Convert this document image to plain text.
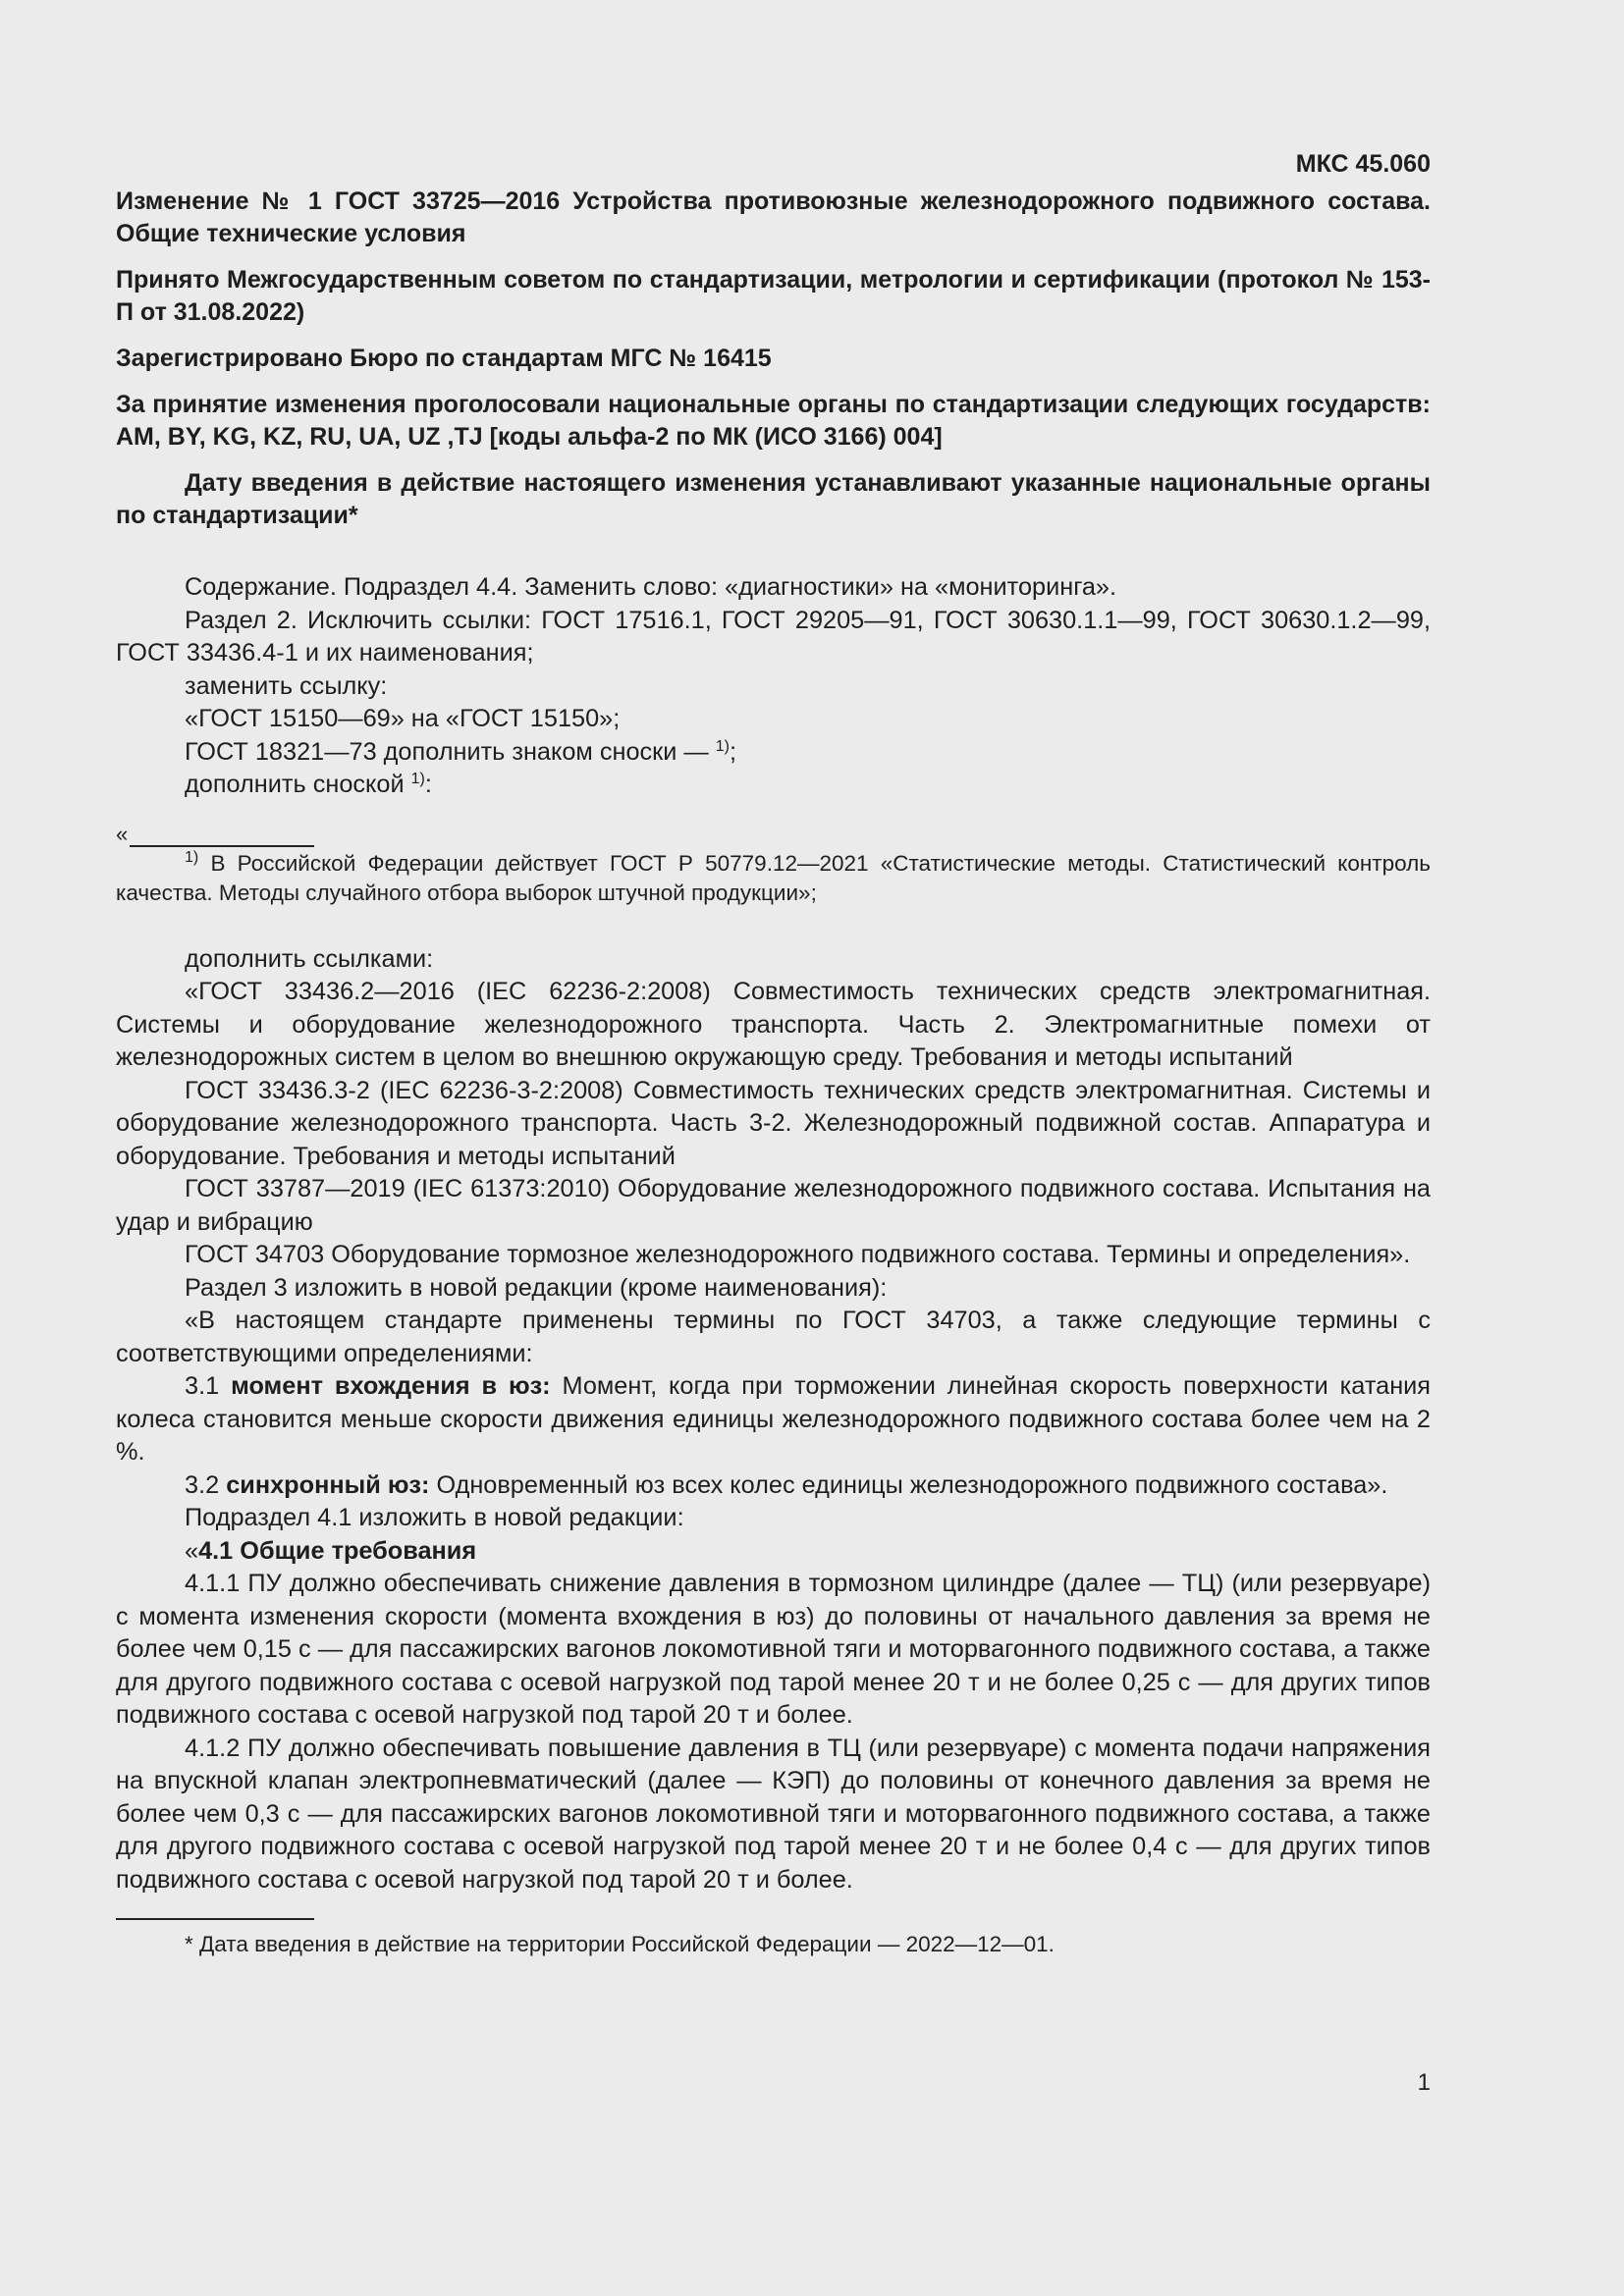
МКС 45.060
Изменение № 1 ГОСТ 33725—2016 Устройства противоюзные железнодорожного подвижного состава. Общие технические условия
Принято Межгосударственным советом по стандартизации, метрологии и сертификации (протокол № 153-П от 31.08.2022)
Зарегистрировано Бюро по стандартам МГС № 16415
За принятие изменения проголосовали национальные органы по стандартизации следующих государств: AM, BY, KG, KZ, RU, UA, UZ ,TJ [коды альфа-2 по МК (ИСО 3166) 004]
Дату введения в действие настоящего изменения устанавливают указанные национальные органы по стандартизации*

Содержание. Подраздел 4.4. Заменить слово: «диагностики» на «мониторинга».

Раздел 2. Исключить ссылки: ГОСТ 17516.1, ГОСТ 29205—91, ГОСТ 30630.1.1—99, ГОСТ 30630.1.2—99, ГОСТ 33436.4-1 и их наименования;

заменить ссылку:

«ГОСТ 15150—69» на «ГОСТ 15150»;

ГОСТ 18321—73 дополнить знаком сноски — $^{1)}$;

дополнить сноской $^{1)}$:

«

$^{1)}$ В Российской Федерации действует ГОСТ Р 50779.12—2021 «Статистические методы. Статистический контроль качества. Методы случайного отбора выборок штучной продукции»;

дополнить ссылками:

«ГОСТ 33436.2—2016 (IEC 62236-2:2008) Совместимость технических средств электромагнитная. Системы и оборудование железнодорожного транспорта. Часть 2. Электромагнитные помехи от железнодорожных систем в целом во внешнюю окружающую среду. Требования и методы испытаний

ГОСТ 33436.3-2 (IEC 62236-3-2:2008) Совместимость технических средств электромагнитная. Системы и оборудование железнодорожного транспорта. Часть 3-2. Железнодорожный подвижной состав. Аппаратура и оборудование. Требования и методы испытаний

ГОСТ 33787—2019 (IEC 61373:2010) Оборудование железнодорожного подвижного состава. Испытания на удар и вибрацию

ГОСТ 34703 Оборудование тормозное железнодорожного подвижного состава. Термины и определения».

Раздел 3 изложить в новой редакции (кроме наименования):

«В настоящем стандарте применены термины по ГОСТ 34703, а также следующие термины с соответствующими определениями:

3.1 момент вхождения в юз: Момент, когда при торможении линейная скорость поверхности катания колеса становится меньше скорости движения единицы железнодорожного подвижного состава более чем на 2 %.

3.2 синхронный юз: Одновременный юз всех колес единицы железнодорожного подвижного состава».

Подраздел 4.1 изложить в новой редакции:

«4.1 Общие требования

4.1.1 ПУ должно обеспечивать снижение давления в тормозном цилиндре (далее — ТЦ) (или резервуаре) с момента изменения скорости (момента вхождения в юз) до половины от начального давления за время не более чем 0,15 с — для пассажирских вагонов локомотивной тяги и моторвагонного подвижного состава, а также для другого подвижного состава с осевой нагрузкой под тарой менее 20 т и не более 0,25 с — для других типов подвижного состава с осевой нагрузкой под тарой 20 т и более.

4.1.2 ПУ должно обеспечивать повышение давления в ТЦ (или резервуаре) с момента подачи напряжения на впускной клапан электропневматический (далее — КЭП) до половины от конечного давления за время не более чем 0,3 с — для пассажирских вагонов локомотивной тяги и моторвагонного подвижного состава, а также для другого подвижного состава с осевой нагрузкой под тарой менее 20 т и не более 0,4 с — для других типов подвижного состава с осевой нагрузкой под тарой 20 т и более.

* Дата введения в действие на территории Российской Федерации — 2022—12—01.
1
